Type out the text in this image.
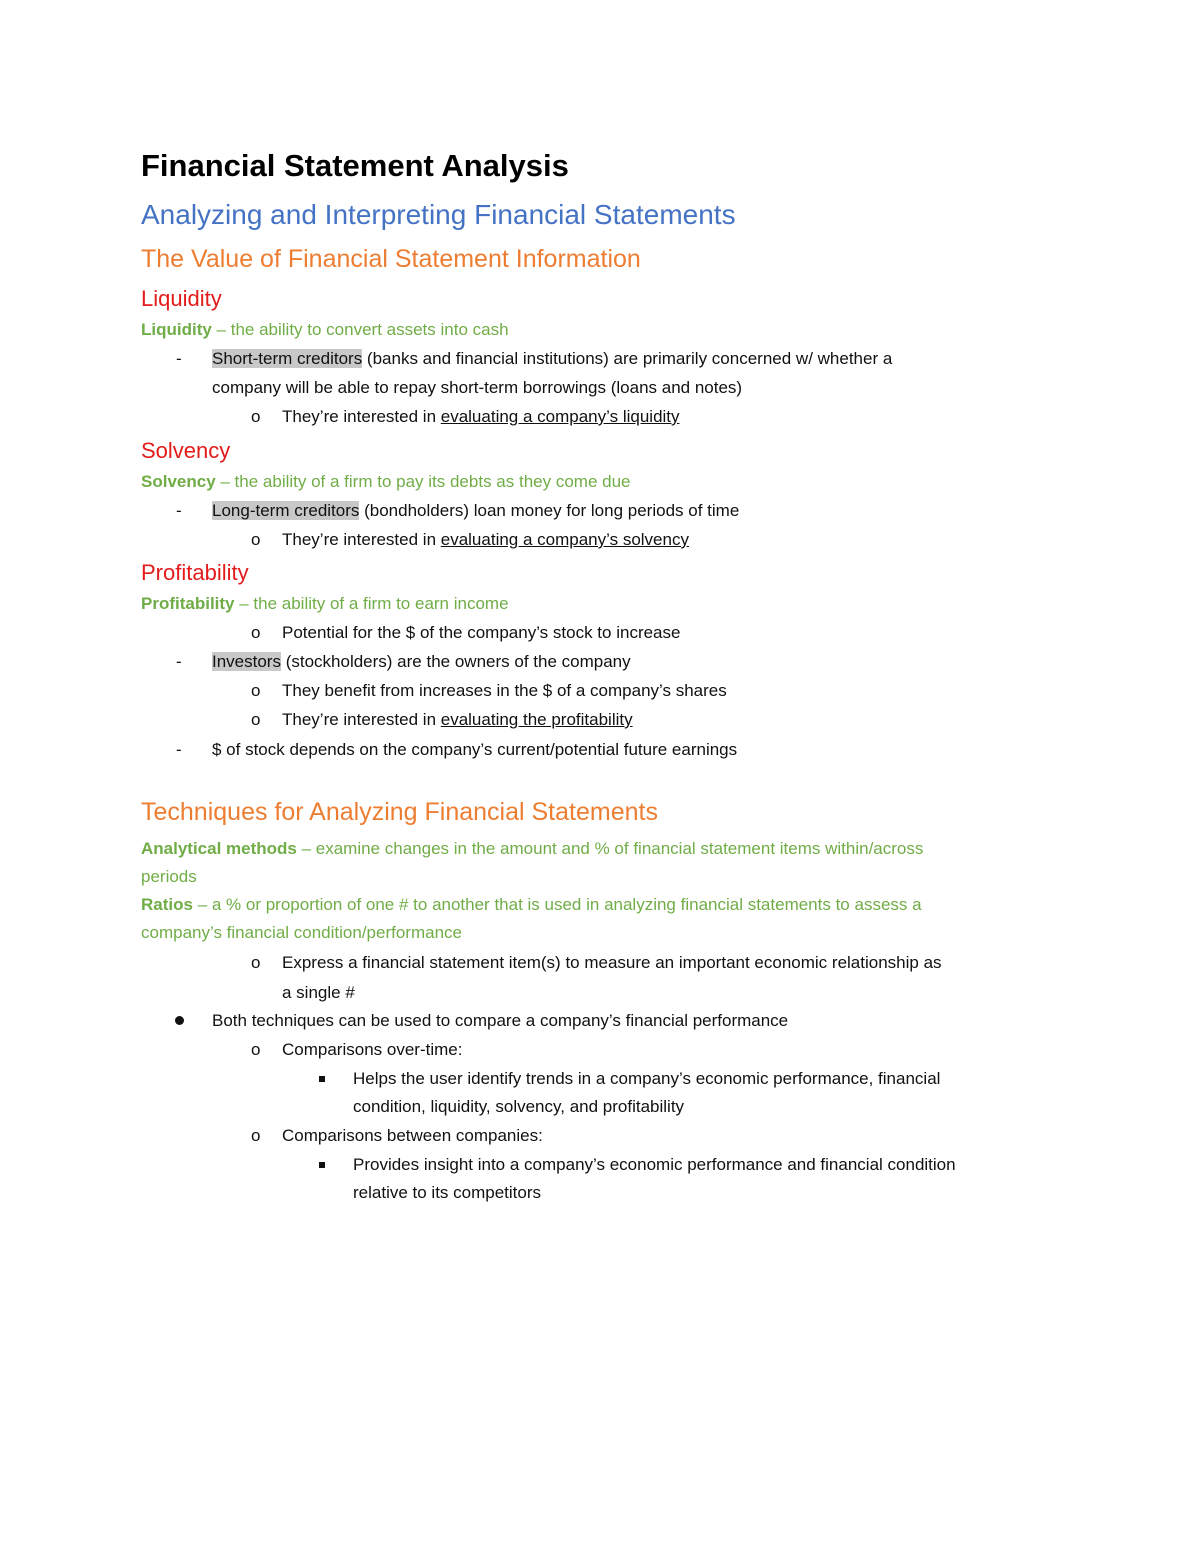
Financial Statement Analysis
Analyzing and Interpreting Financial Statements
The Value of Financial Statement Information
Liquidity
Liquidity – the ability to convert assets into cash
- Short-term creditors (banks and financial institutions) are primarily concerned w/ whether a
company will be able to repay short-term borrowings (loans and notes)
o They’re interested in evaluating a company’s liquidity
Solvency
Solvency – the ability of a firm to pay its debts as they come due
- Long-term creditors (bondholders) loan money for long periods of time
o They’re interested in evaluating a company’s solvency
Profitability
Profitability – the ability of a firm to earn income
o Potential for the $ of the company’s stock to increase
- Investors (stockholders) are the owners of the company
o They benefit from increases in the $ of a company’s shares
o They’re interested in evaluating the profitability
- $ of stock depends on the company’s current/potential future earnings
Techniques for Analyzing Financial Statements
Analytical methods – examine changes in the amount and % of financial statement items within/across
periods
Ratios – a % or proportion of one # to another that is used in analyzing financial statements to assess a
company’s financial condition/performance
o Express a financial statement item(s) to measure an important economic relationship as
a single #
Both techniques can be used to compare a company’s financial performance
o Comparisons over-time:
Helps the user identify trends in a company’s economic performance, financial
condition, liquidity, solvency, and profitability
o Comparisons between companies:
Provides insight into a company’s economic performance and financial condition
relative to its competitors
